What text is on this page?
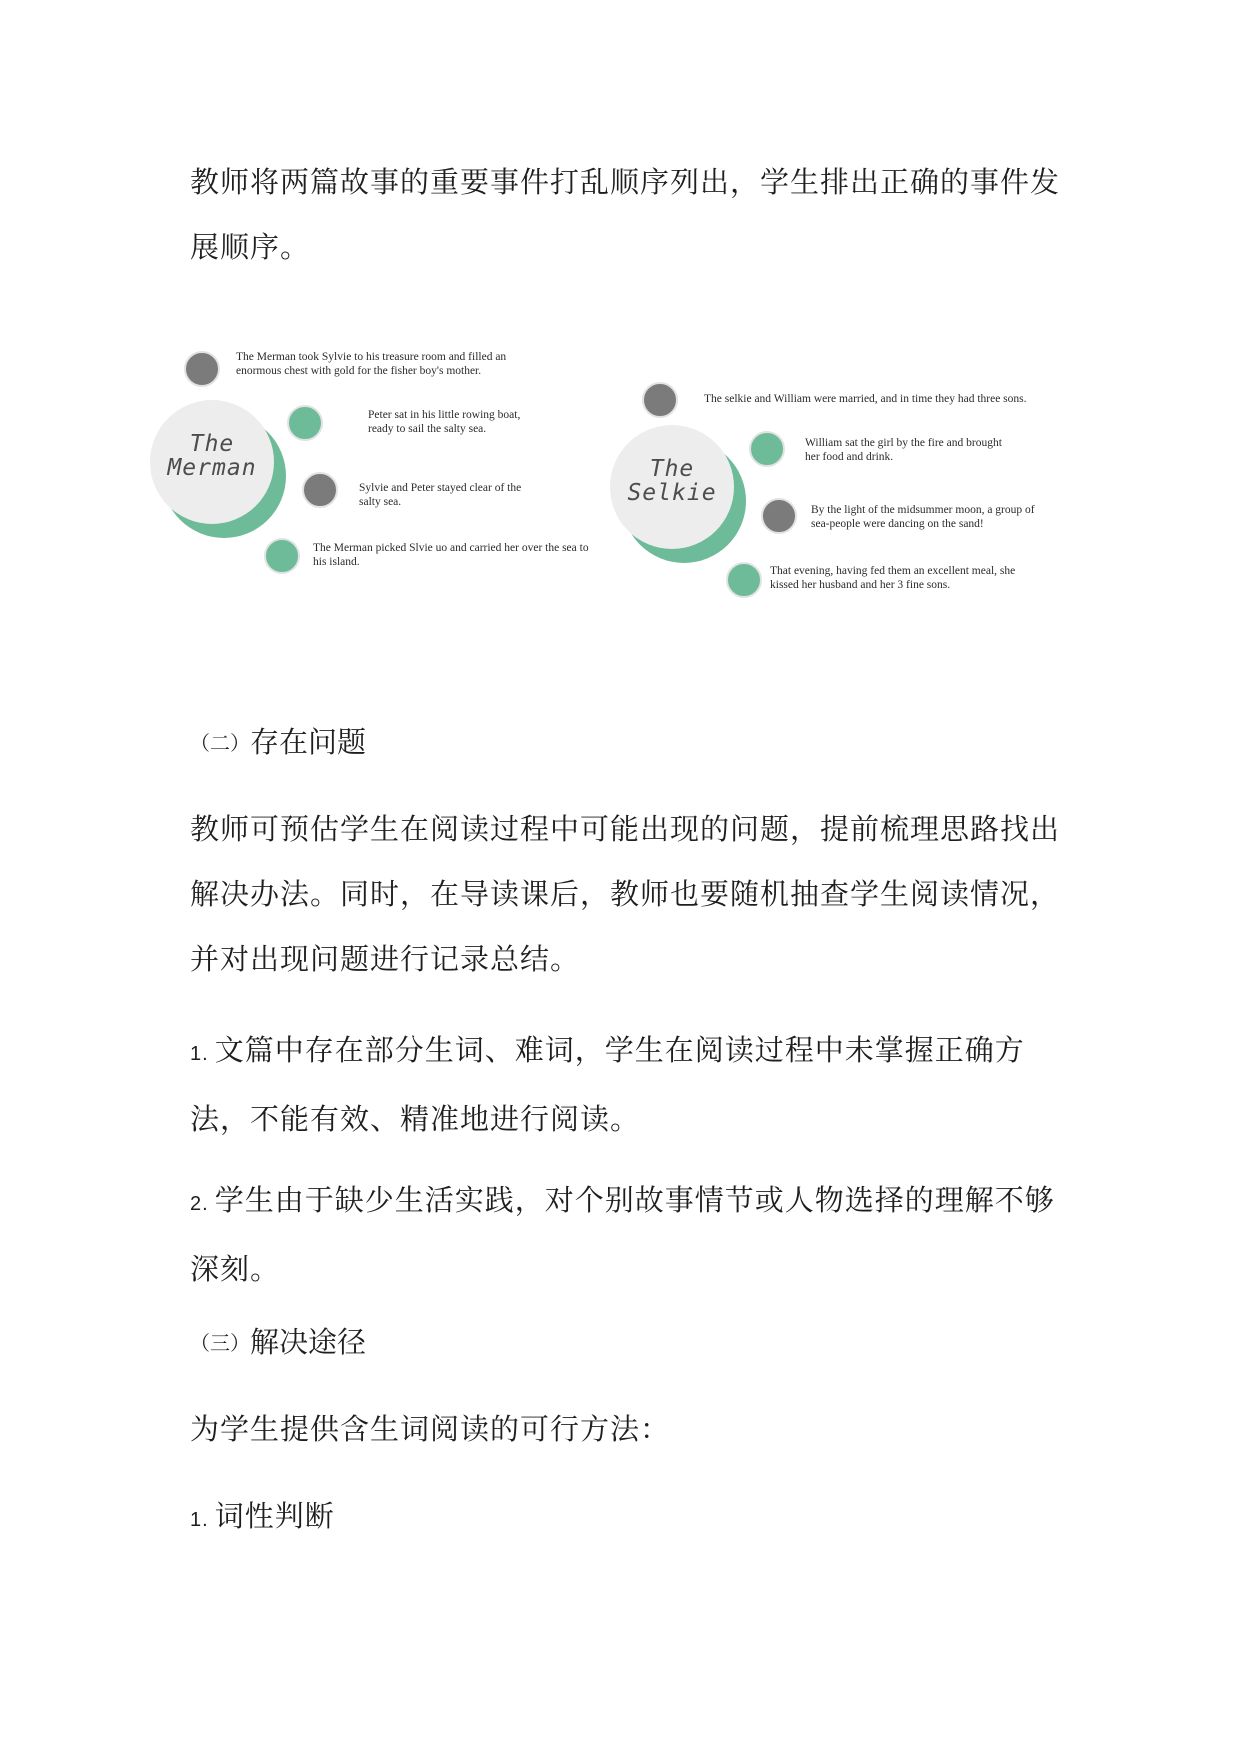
教师将两篇故事的重要事件打乱顺序列出，学生排出正确的事件发展顺序。

The
Merman

The Merman took Sylvie to his treasure room and filled an enormous chest with gold for the fisher boy's mother.

Peter sat in his little rowing boat, ready to sail the salty sea.

Sylvie and Peter stayed clear of the salty sea.

The Merman picked Slvie uo and carried her over the sea to his island.

The
Selkie

The selkie and William were married, and in time they had three sons.

William sat the girl by the fire and brought her food and drink.

By the light of the midsummer moon, a group of sea-people were dancing on the sand!

That evening, having fed them an excellent meal, she kissed her husband and her 3 fine sons.

（二）存在问题

教师可预估学生在阅读过程中可能出现的问题，提前梳理思路找出解决办法。同时，在导读课后，教师也要随机抽查学生阅读情况，并对出现问题进行记录总结。

1. 文篇中存在部分生词、难词，学生在阅读过程中未掌握正确方法，不能有效、精准地进行阅读。

2. 学生由于缺少生活实践，对个别故事情节或人物选择的理解不够深刻。

（三）解决途径

为学生提供含生词阅读的可行方法：

1. 词性判断
